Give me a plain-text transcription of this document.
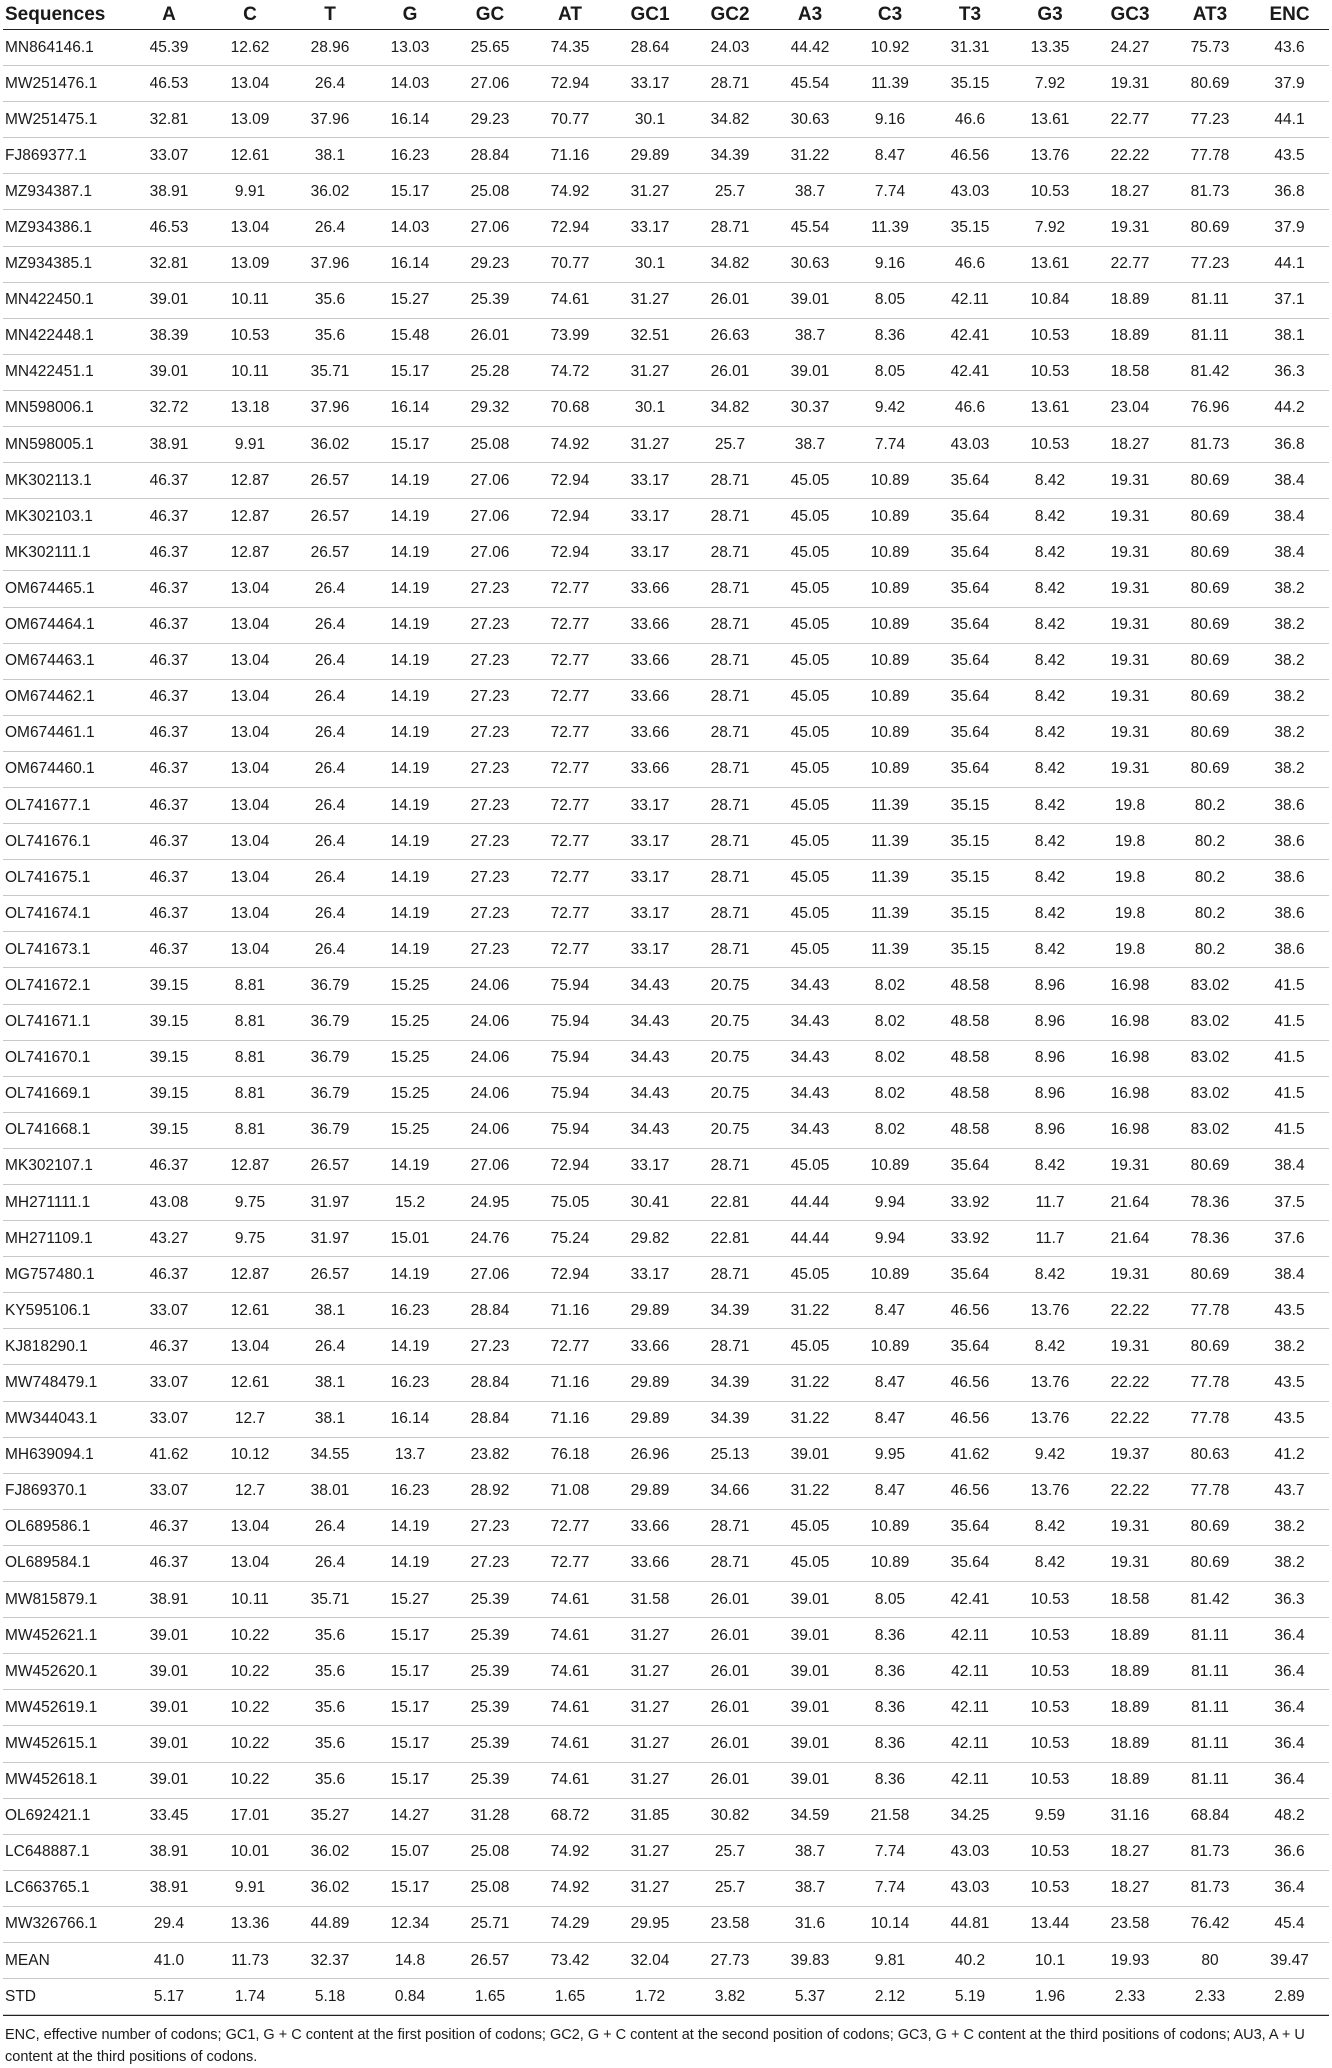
Sequences	A	C	T	G	GC	AT	GC1	GC2	A3	C3	T3	G3	GC3	AT3	ENC
MN864146.1	45.39	12.62	28.96	13.03	25.65	74.35	28.64	24.03	44.42	10.92	31.31	13.35	24.27	75.73	43.6
MW251476.1	46.53	13.04	26.4	14.03	27.06	72.94	33.17	28.71	45.54	11.39	35.15	7.92	19.31	80.69	37.9
MW251475.1	32.81	13.09	37.96	16.14	29.23	70.77	30.1	34.82	30.63	9.16	46.6	13.61	22.77	77.23	44.1
FJ869377.1	33.07	12.61	38.1	16.23	28.84	71.16	29.89	34.39	31.22	8.47	46.56	13.76	22.22	77.78	43.5
MZ934387.1	38.91	9.91	36.02	15.17	25.08	74.92	31.27	25.7	38.7	7.74	43.03	10.53	18.27	81.73	36.8
MZ934386.1	46.53	13.04	26.4	14.03	27.06	72.94	33.17	28.71	45.54	11.39	35.15	7.92	19.31	80.69	37.9
MZ934385.1	32.81	13.09	37.96	16.14	29.23	70.77	30.1	34.82	30.63	9.16	46.6	13.61	22.77	77.23	44.1
MN422450.1	39.01	10.11	35.6	15.27	25.39	74.61	31.27	26.01	39.01	8.05	42.11	10.84	18.89	81.11	37.1
MN422448.1	38.39	10.53	35.6	15.48	26.01	73.99	32.51	26.63	38.7	8.36	42.41	10.53	18.89	81.11	38.1
MN422451.1	39.01	10.11	35.71	15.17	25.28	74.72	31.27	26.01	39.01	8.05	42.41	10.53	18.58	81.42	36.3
MN598006.1	32.72	13.18	37.96	16.14	29.32	70.68	30.1	34.82	30.37	9.42	46.6	13.61	23.04	76.96	44.2
MN598005.1	38.91	9.91	36.02	15.17	25.08	74.92	31.27	25.7	38.7	7.74	43.03	10.53	18.27	81.73	36.8
MK302113.1	46.37	12.87	26.57	14.19	27.06	72.94	33.17	28.71	45.05	10.89	35.64	8.42	19.31	80.69	38.4
MK302103.1	46.37	12.87	26.57	14.19	27.06	72.94	33.17	28.71	45.05	10.89	35.64	8.42	19.31	80.69	38.4
MK302111.1	46.37	12.87	26.57	14.19	27.06	72.94	33.17	28.71	45.05	10.89	35.64	8.42	19.31	80.69	38.4
OM674465.1	46.37	13.04	26.4	14.19	27.23	72.77	33.66	28.71	45.05	10.89	35.64	8.42	19.31	80.69	38.2
OM674464.1	46.37	13.04	26.4	14.19	27.23	72.77	33.66	28.71	45.05	10.89	35.64	8.42	19.31	80.69	38.2
OM674463.1	46.37	13.04	26.4	14.19	27.23	72.77	33.66	28.71	45.05	10.89	35.64	8.42	19.31	80.69	38.2
OM674462.1	46.37	13.04	26.4	14.19	27.23	72.77	33.66	28.71	45.05	10.89	35.64	8.42	19.31	80.69	38.2
OM674461.1	46.37	13.04	26.4	14.19	27.23	72.77	33.66	28.71	45.05	10.89	35.64	8.42	19.31	80.69	38.2
OM674460.1	46.37	13.04	26.4	14.19	27.23	72.77	33.66	28.71	45.05	10.89	35.64	8.42	19.31	80.69	38.2
OL741677.1	46.37	13.04	26.4	14.19	27.23	72.77	33.17	28.71	45.05	11.39	35.15	8.42	19.8	80.2	38.6
OL741676.1	46.37	13.04	26.4	14.19	27.23	72.77	33.17	28.71	45.05	11.39	35.15	8.42	19.8	80.2	38.6
OL741675.1	46.37	13.04	26.4	14.19	27.23	72.77	33.17	28.71	45.05	11.39	35.15	8.42	19.8	80.2	38.6
OL741674.1	46.37	13.04	26.4	14.19	27.23	72.77	33.17	28.71	45.05	11.39	35.15	8.42	19.8	80.2	38.6
OL741673.1	46.37	13.04	26.4	14.19	27.23	72.77	33.17	28.71	45.05	11.39	35.15	8.42	19.8	80.2	38.6
OL741672.1	39.15	8.81	36.79	15.25	24.06	75.94	34.43	20.75	34.43	8.02	48.58	8.96	16.98	83.02	41.5
OL741671.1	39.15	8.81	36.79	15.25	24.06	75.94	34.43	20.75	34.43	8.02	48.58	8.96	16.98	83.02	41.5
OL741670.1	39.15	8.81	36.79	15.25	24.06	75.94	34.43	20.75	34.43	8.02	48.58	8.96	16.98	83.02	41.5
OL741669.1	39.15	8.81	36.79	15.25	24.06	75.94	34.43	20.75	34.43	8.02	48.58	8.96	16.98	83.02	41.5
OL741668.1	39.15	8.81	36.79	15.25	24.06	75.94	34.43	20.75	34.43	8.02	48.58	8.96	16.98	83.02	41.5
MK302107.1	46.37	12.87	26.57	14.19	27.06	72.94	33.17	28.71	45.05	10.89	35.64	8.42	19.31	80.69	38.4
MH271111.1	43.08	9.75	31.97	15.2	24.95	75.05	30.41	22.81	44.44	9.94	33.92	11.7	21.64	78.36	37.5
MH271109.1	43.27	9.75	31.97	15.01	24.76	75.24	29.82	22.81	44.44	9.94	33.92	11.7	21.64	78.36	37.6
MG757480.1	46.37	12.87	26.57	14.19	27.06	72.94	33.17	28.71	45.05	10.89	35.64	8.42	19.31	80.69	38.4
KY595106.1	33.07	12.61	38.1	16.23	28.84	71.16	29.89	34.39	31.22	8.47	46.56	13.76	22.22	77.78	43.5
KJ818290.1	46.37	13.04	26.4	14.19	27.23	72.77	33.66	28.71	45.05	10.89	35.64	8.42	19.31	80.69	38.2
MW748479.1	33.07	12.61	38.1	16.23	28.84	71.16	29.89	34.39	31.22	8.47	46.56	13.76	22.22	77.78	43.5
MW344043.1	33.07	12.7	38.1	16.14	28.84	71.16	29.89	34.39	31.22	8.47	46.56	13.76	22.22	77.78	43.5
MH639094.1	41.62	10.12	34.55	13.7	23.82	76.18	26.96	25.13	39.01	9.95	41.62	9.42	19.37	80.63	41.2
FJ869370.1	33.07	12.7	38.01	16.23	28.92	71.08	29.89	34.66	31.22	8.47	46.56	13.76	22.22	77.78	43.7
OL689586.1	46.37	13.04	26.4	14.19	27.23	72.77	33.66	28.71	45.05	10.89	35.64	8.42	19.31	80.69	38.2
OL689584.1	46.37	13.04	26.4	14.19	27.23	72.77	33.66	28.71	45.05	10.89	35.64	8.42	19.31	80.69	38.2
MW815879.1	38.91	10.11	35.71	15.27	25.39	74.61	31.58	26.01	39.01	8.05	42.41	10.53	18.58	81.42	36.3
MW452621.1	39.01	10.22	35.6	15.17	25.39	74.61	31.27	26.01	39.01	8.36	42.11	10.53	18.89	81.11	36.4
MW452620.1	39.01	10.22	35.6	15.17	25.39	74.61	31.27	26.01	39.01	8.36	42.11	10.53	18.89	81.11	36.4
MW452619.1	39.01	10.22	35.6	15.17	25.39	74.61	31.27	26.01	39.01	8.36	42.11	10.53	18.89	81.11	36.4
MW452615.1	39.01	10.22	35.6	15.17	25.39	74.61	31.27	26.01	39.01	8.36	42.11	10.53	18.89	81.11	36.4
MW452618.1	39.01	10.22	35.6	15.17	25.39	74.61	31.27	26.01	39.01	8.36	42.11	10.53	18.89	81.11	36.4
OL692421.1	33.45	17.01	35.27	14.27	31.28	68.72	31.85	30.82	34.59	21.58	34.25	9.59	31.16	68.84	48.2
LC648887.1	38.91	10.01	36.02	15.07	25.08	74.92	31.27	25.7	38.7	7.74	43.03	10.53	18.27	81.73	36.6
LC663765.1	38.91	9.91	36.02	15.17	25.08	74.92	31.27	25.7	38.7	7.74	43.03	10.53	18.27	81.73	36.4
MW326766.1	29.4	13.36	44.89	12.34	25.71	74.29	29.95	23.58	31.6	10.14	44.81	13.44	23.58	76.42	45.4
MEAN	41.0	11.73	32.37	14.8	26.57	73.42	32.04	27.73	39.83	9.81	40.2	10.1	19.93	80	39.47
STD	5.17	1.74	5.18	0.84	1.65	1.65	1.72	3.82	5.37	2.12	5.19	1.96	2.33	2.33	2.89
ENC, effective number of codons; GC1, G + C content at the first position of codons; GC2, G + C content at the second position of codons; GC3, G + C content at the third positions of codons; AU3, A + U content at the third positions of codons.
